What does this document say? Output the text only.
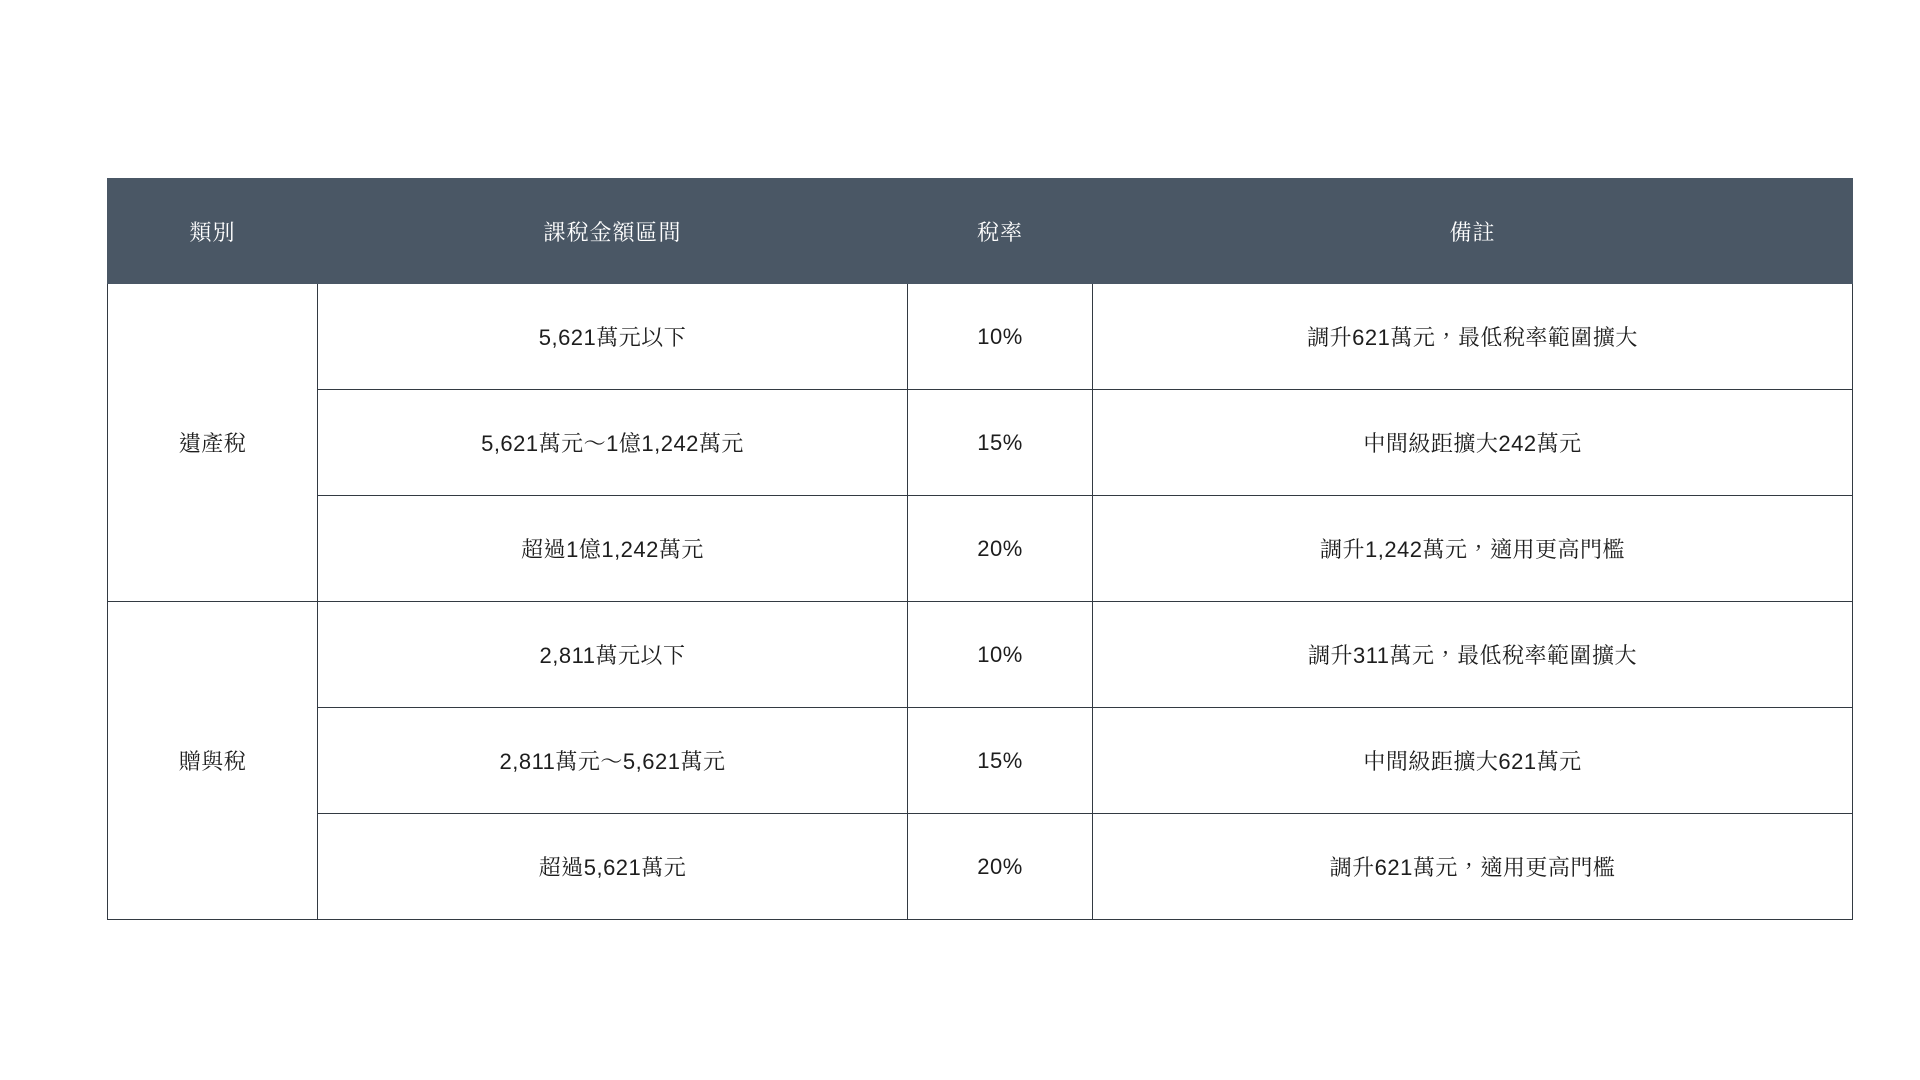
類別	課稅金額區間	稅率	備註
遺產稅	5,621萬元以下	10%	調升621萬元，最低稅率範圍擴大
	5,621萬元〜1億1,242萬元	15%	中間級距擴大242萬元
	超過1億1,242萬元	20%	調升1,242萬元，適用更高門檻
贈與稅	2,811萬元以下	10%	調升311萬元，最低稅率範圍擴大
	2,811萬元〜5,621萬元	15%	中間級距擴大621萬元
	超過5,621萬元	20%	調升621萬元，適用更高門檻
